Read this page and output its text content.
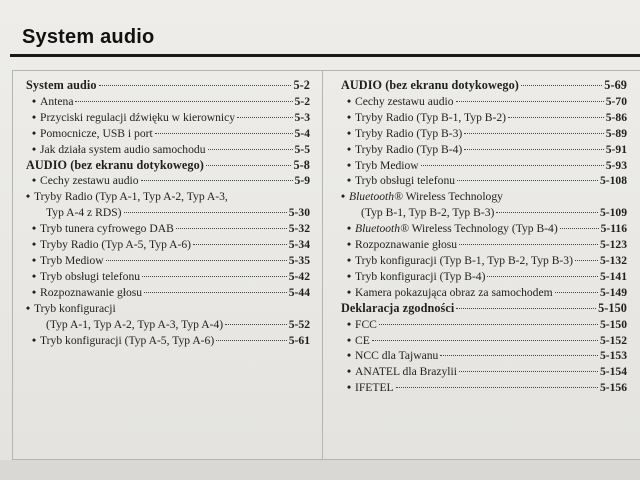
System audio
System audio	5-2
• Antena	5-2
• Przyciski regulacji dźwięku w kierownicy	5-3
• Pomocnicze, USB i port	5-4
• Jak działa system audio samochodu	5-5
AUDIO (bez ekranu dotykowego)	5-8
• Cechy zestawu audio	5-9
• Tryby Radio (Typ A-1, Typ A-2, Typ A-3,
Typ A-4 z RDS)	5-30
• Tryb tunera cyfrowego DAB	5-32
• Tryby Radio (Typ A-5, Typ A-6)	5-34
• Tryb Mediow	5-35
• Tryb obsługi telefonu	5-42
• Rozpoznawanie głosu	5-44
• Tryb konfiguracji
(Typ A-1, Typ A-2, Typ A-3, Typ A-4)	5-52
• Tryb konfiguracji (Typ A-5, Typ A-6)	5-61
AUDIO (bez ekranu dotykowego)	5-69
• Cechy zestawu audio	5-70
• Tryby Radio (Typ B-1, Typ B-2)	5-86
• Tryby Radio (Typ B-3)	5-89
• Tryby Radio (Typ B-4)	5-91
• Tryb Mediow	5-93
• Tryb obsługi telefonu	5-108
• Bluetooth® Wireless Technology
(Typ B-1, Typ B-2, Typ B-3)	5-109
• Bluetooth® Wireless Technology (Typ B-4)	5-116
• Rozpoznawanie głosu	5-123
• Tryb konfiguracji (Typ B-1, Typ B-2, Typ B-3) 5-132
• Tryb konfiguracji (Typ B-4)	5-141
• Kamera pokazująca obraz za samochodem	5-149
Deklaracja zgodności	5-150
• FCC	5-150
• CE	5-152
• NCC dla Tajwanu	5-153
• ANATEL dla Brazylii	5-154
• IFETEL	5-156
